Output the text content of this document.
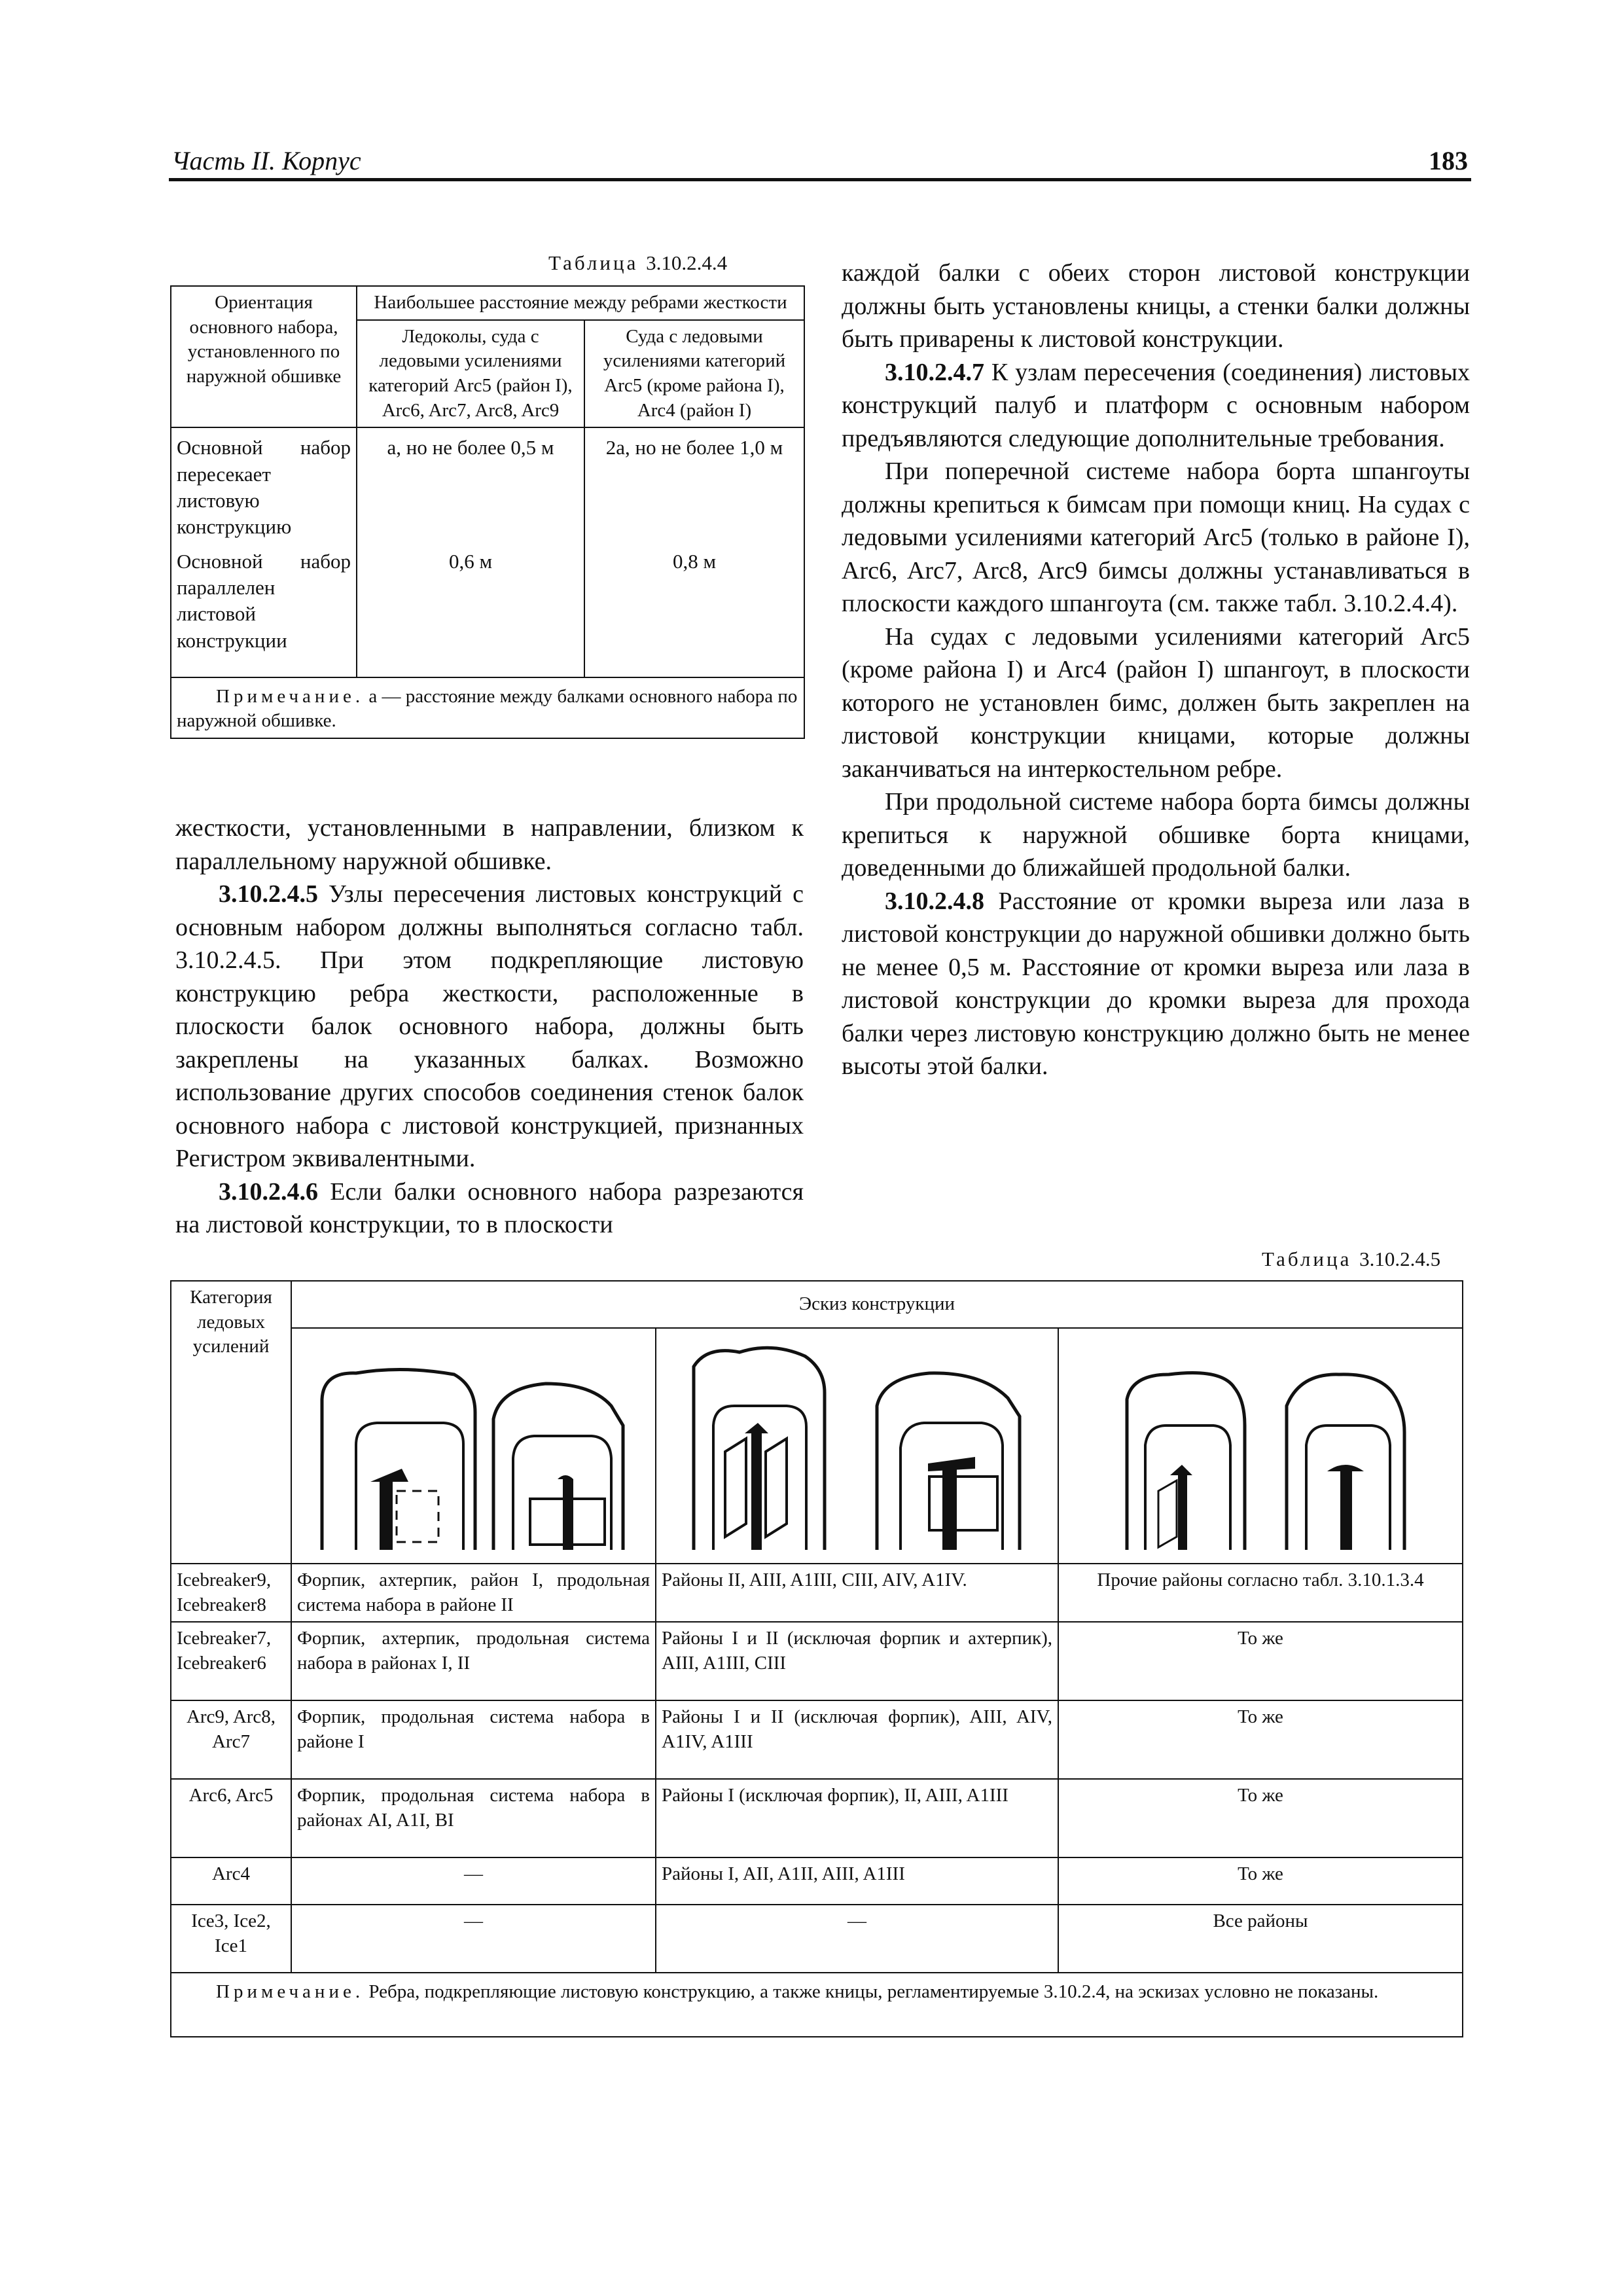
Часть II. Корпус	183
Таблица 3.10.2.4.4
Ориентация основного набора, установленного по наружной обшивке	Наибольшее расстояние между ребрами жесткости	
	Ледоколы, суда с ледовыми усилениями категорий Arc5 (район I), Arc6, Arc7, Arc8, Arc9	Суда с ледовыми усилениями категорий Arc5 (кроме района I), Arc4 (район I)
Основной набор пересекает листовую конструкцию	a, но не более 0,5 м	2a, но не более 1,0 м
Основной набор параллелен листовой конструкции	0,6 м	0,8 м
Примечание. a — расстояние между балками основного набора по наружной обшивке.		

жесткости, установленными в направлении, близком к параллельному наружной обшивке.

3.10.2.4.5 Узлы пересечения листовых конструкций с основным набором должны выполняться согласно табл. 3.10.2.4.5. При этом подкрепляющие листовую конструкцию ребра жесткости, расположенные в плоскости балок основного набора, должны быть закреплены на указанных балках. Возможно использование других способов соединения стенок балок основного набора с листовой конструкцией, признанных Регистром эквивалентными.

3.10.2.4.6 Если балки основного набора разрезаются на листовой конструкции, то в плоскости

каждой балки с обеих сторон листовой конструкции должны быть установлены кницы, а стенки балки должны быть приварены к листовой конструкции.

3.10.2.4.7 К узлам пересечения (соединения) листовых конструкций палуб и платформ с основным набором предъявляются следующие дополнительные требования.

При поперечной системе набора борта шпангоуты должны крепиться к бимсам при помощи книц. На судах с ледовыми усилениями категорий Arc5 (только в районе I), Arc6, Arc7, Arc8, Arc9 бимсы должны устанавливаться в плоскости каждого шпангоута (см. также табл. 3.10.2.4.4).

На судах с ледовыми усилениями категорий Arc5 (кроме района I) и Arc4 (район I) шпангоут, в плоскости которого не установлен бимс, должен быть закреплен на листовой конструкции кницами, которые должны заканчиваться на интеркостельном ребре.

При продольной системе набора борта бимсы должны крепиться к наружной обшивке борта кницами, доведенными до ближайшей продольной балки.

3.10.2.4.8 Расстояние от кромки выреза или лаза в листовой конструкции до наружной обшивки должно быть не менее 0,5 м. Расстояние от кромки выреза или лаза в листовой конструкции до кромки выреза для прохода балки через листовую конструкцию должно быть не менее высоты этой балки.

Таблица 3.10.2.4.5
Категория ледовых усилений	Эскиз конструкции		

Icebreaker9, Icebreaker8	Форпик, ахтерпик, район I, продольная система набора в районе II	Районы II, AIII, A1III, CIII, AIV, A1IV.	Прочие районы согласно табл. 3.10.1.3.4
Icebreaker7, Icebreaker6	Форпик, ахтерпик, продольная система набора в районах I, II	Районы I и II (исключая форпик и ахтерпик), AIII, A1III, CIII	То же
Arc9, Arc8, Arc7	Форпик, продольная система набора в районе I	Районы I и II (исключая форпик), AIII, AIV, A1IV, A1III	То же
Arc6, Arc5	Форпик, продольная система набора в районах AI, A1I, BI	Районы I (исключая форпик), II, AIII, A1III	То же
Arc4	—	Районы I, AII, A1II, AIII, A1III	То же
Ice3, Ice2, Ice1	—	—	Все районы
Примечание. Ребра, подкрепляющие листовую конструкцию, а также кницы, регламентируемые 3.10.2.4, на эскизах условно не показаны.			
